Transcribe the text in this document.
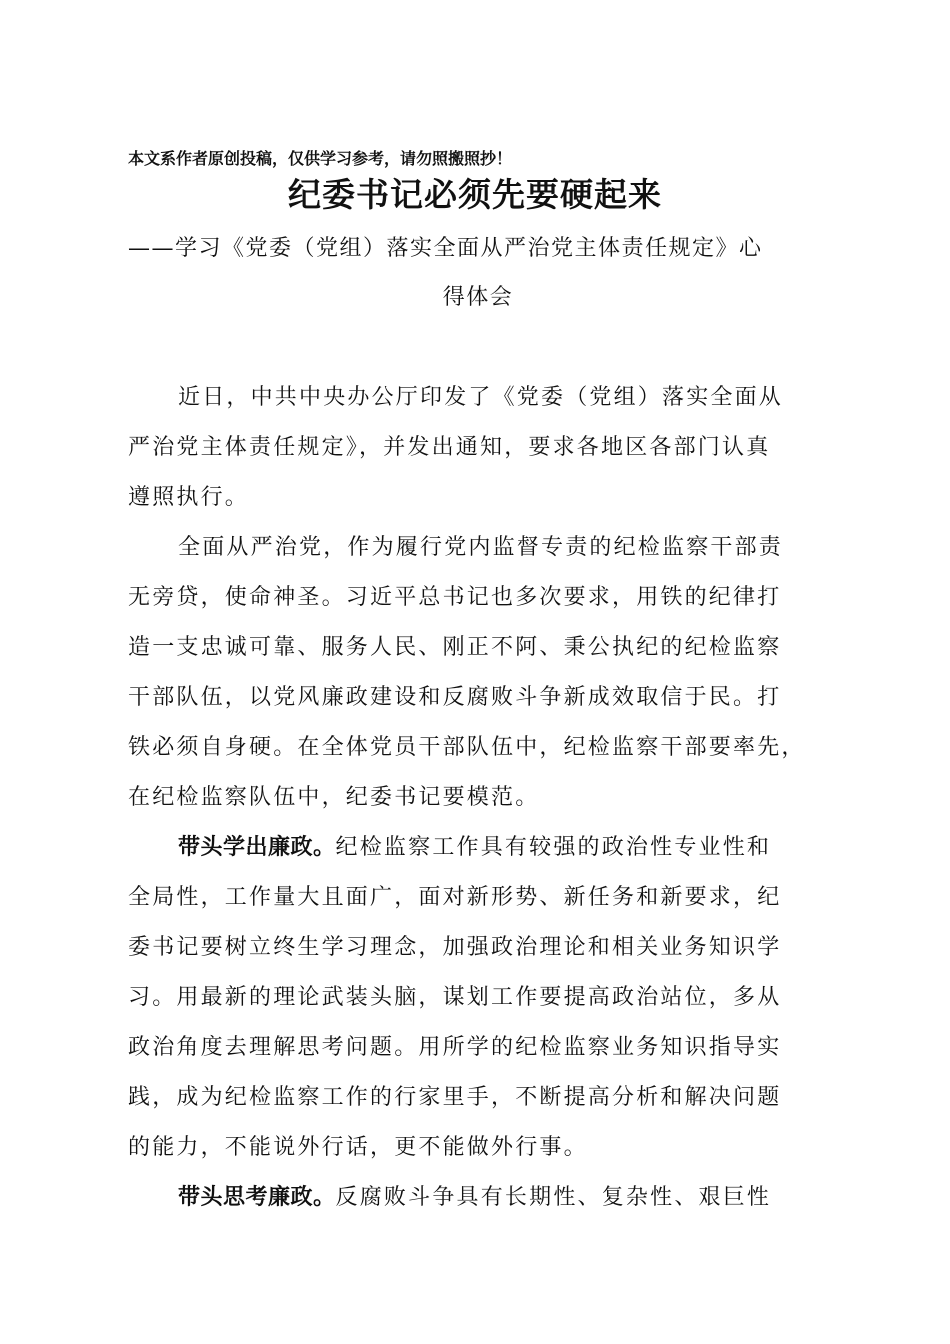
本文系作者原创投稿，仅供学习参考，请勿照搬照抄！
纪委书记必须先要硬起来
——学习《党委（党组）落实全面从严治党主体责任规定》心
得体会
近日，中共中央办公厅印发了《党委（党组）落实全面从
严治党主体责任规定》，并发出通知，要求各地区各部门认真
遵照执行。
全面从严治党，作为履行党内监督专责的纪检监察干部责
无旁贷，使命神圣。习近平总书记也多次要求，用铁的纪律打
造一支忠诚可靠、服务人民、刚正不阿、秉公执纪的纪检监察
干部队伍，以党风廉政建设和反腐败斗争新成效取信于民。打
铁必须自身硬。在全体党员干部队伍中，纪检监察干部要率先，
在纪检监察队伍中，纪委书记要模范。
带头学出廉政。纪检监察工作具有较强的政治性专业性和
全局性，工作量大且面广，面对新形势、新任务和新要求，纪
委书记要树立终生学习理念，加强政治理论和相关业务知识学
习。用最新的理论武装头脑，谋划工作要提高政治站位，多从
政治角度去理解思考问题。用所学的纪检监察业务知识指导实
践，成为纪检监察工作的行家里手，不断提高分析和解决问题
的能力，不能说外行话，更不能做外行事。
带头思考廉政。反腐败斗争具有长期性、复杂性、艰巨性
